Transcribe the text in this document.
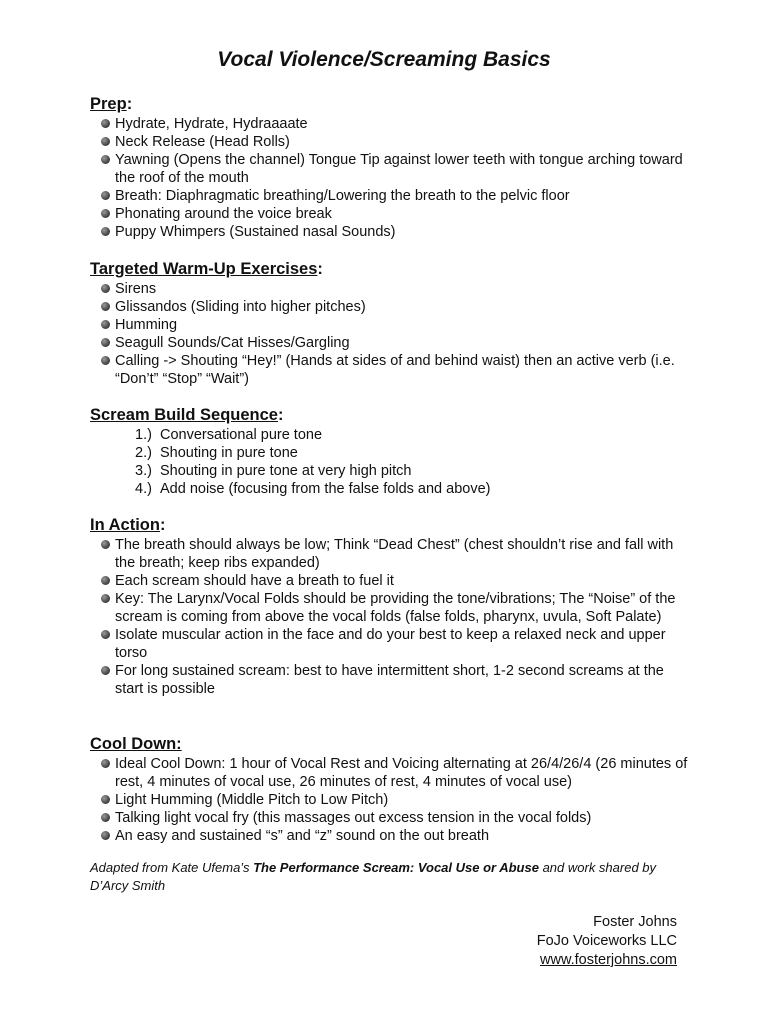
Vocal Violence/Screaming Basics
Prep:
Hydrate, Hydrate, Hydraaaate
Neck Release (Head Rolls)
Yawning (Opens the channel) Tongue Tip against lower teeth with tongue arching toward the roof of the mouth
Breath: Diaphragmatic breathing/Lowering the breath to the pelvic floor
Phonating around the voice break
Puppy Whimpers (Sustained nasal Sounds)
Targeted Warm-Up Exercises:
Sirens
Glissandos (Sliding into higher pitches)
Humming
Seagull Sounds/Cat Hisses/Gargling
Calling -> Shouting “Hey!” (Hands at sides of and behind waist) then an active verb (i.e. “Don’t” “Stop” “Wait”)
Scream Build Sequence:
1.) Conversational pure tone
2.) Shouting in pure tone
3.) Shouting in pure tone at very high pitch
4.) Add noise (focusing from the false folds and above)
In Action:
The breath should always be low; Think “Dead Chest” (chest shouldn’t rise and fall with the breath; keep ribs expanded)
Each scream should have a breath to fuel it
Key: The Larynx/Vocal Folds should be providing the tone/vibrations; The “Noise” of the scream is coming from above the vocal folds (false folds, pharynx, uvula, Soft Palate)
Isolate muscular action in the face and do your best to keep a relaxed neck and upper torso
For long sustained scream: best to have intermittent short, 1-2 second screams at the start is possible
Cool Down:
Ideal Cool Down: 1 hour of Vocal Rest and Voicing alternating at 26/4/26/4 (26 minutes of rest, 4 minutes of vocal use, 26 minutes of rest, 4 minutes of vocal use)
Light Humming (Middle Pitch to Low Pitch)
Talking light vocal fry (this massages out excess tension in the vocal folds)
An easy and sustained “s” and “z” sound on the out breath
Adapted from Kate Ufema’s The Performance Scream: Vocal Use or Abuse and work shared by D’Arcy Smith
Foster Johns
FoJo Voiceworks LLC
www.fosterjohns.com
